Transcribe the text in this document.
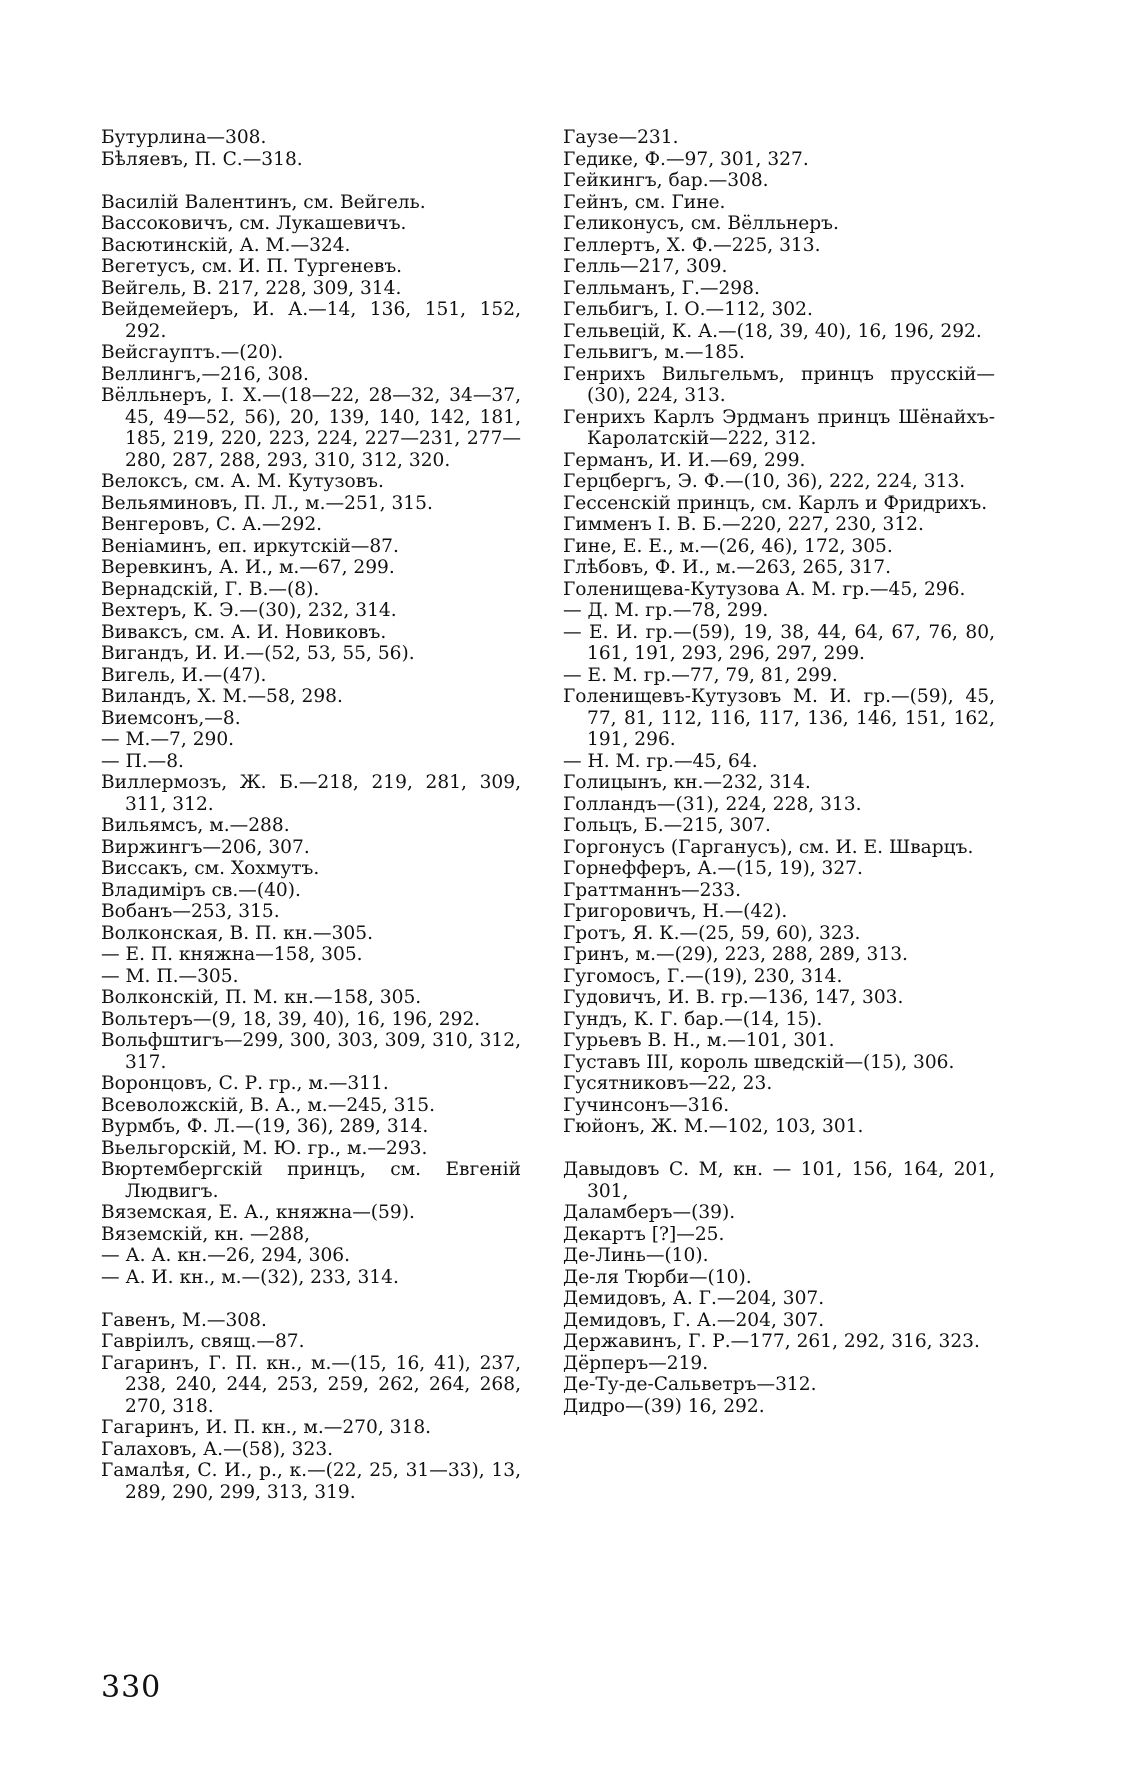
Бутурлина—308.
Бѣляевъ, П. С.—318.
Василій Валентинъ, см. Вейгель.
Вассоковичъ, см. Лукашевичъ.
Васютинскій, А. М.—324.
Вегетусъ, см. И. П. Тургеневъ.
Вейгель, В. 217, 228, 309, 314.
Вейдемейеръ, И. А.—14, 136, 151, 152, 292.
Вейсгауптъ.—(20).
Веллингъ,—216, 308.
Вёлльнеръ, I. X.—(18—22, 28—32, 34—37, 45, 49—52, 56), 20, 139, 140, 142, 181, 185, 219, 220, 223, 224, 227—231, 277—280, 287, 288, 293, 310, 312, 320.
Велоксъ, см. А. М. Кутузовъ.
Вельяминовъ, П. Л., м.—251, 315.
Венгеровъ, С. А.—292.
Веніаминъ, еп. иркутскій—87.
Веревкинъ, А. И., м.—67, 299.
Вернадскій, Г. В.—(8).
Вехтеръ, К. Э.—(30), 232, 314.
Виваксъ, см. А. И. Новиковъ.
Вигандъ, И. И.—(52, 53, 55, 56).
Вигель, И.—(47).
Виландъ, X. М.—58, 298.
Виемсонъ,—8.
— М.—7, 290.
— П.—8.
Виллермозъ, Ж. Б.—218, 219, 281, 309, 311, 312.
Вильямсъ, м.—288.
Виржингъ—206, 307.
Виссакъ, см. Хохмутъ.
Владиміръ св.—(40).
Вобанъ—253, 315.
Волконская, В. П. кн.—305.
— Е. П. княжна—158, 305.
— М. П.—305.
Волконскій, П. М. кн.—158, 305.
Вольтеръ—(9, 18, 39, 40), 16, 196, 292.
Вольфштигъ—299, 300, 303, 309, 310, 312, 317.
Воронцовъ, С. Р. гр., м.—311.
Всеволожскій, В. А., м.—245, 315.
Вурмбъ, Ф. Л.—(19, 36), 289, 314.
Вьельгорскій, М. Ю. гр., м.—293.
Вюртембергскій принцъ, см. Евгеній Людвигъ.
Вяземская, Е. А., княжна—(59).
Вяземскій, кн. —288,
— А. А. кн.—26, 294, 306.
— А. И. кн., м.—(32), 233, 314.
Гавенъ, М.—308.
Гавріилъ, свящ.—87.
Гагаринъ, Г. П. кн., м.—(15, 16, 41), 237, 238, 240, 244, 253, 259, 262, 264, 268, 270, 318.
Гагаринъ, И. П. кн., м.—270, 318.
Галаховъ, А.—(58), 323.
Гамалѣя, С. И., р., к.—(22, 25, 31—33), 13, 289, 290, 299, 313, 319.
Гаузе—231.
Гедике, Ф.—97, 301, 327.
Гейкингъ, бар.—308.
Гейнъ, см. Гине.
Геликонусъ, см. Вёлльнеръ.
Геллертъ, X. Ф.—225, 313.
Гелль—217, 309.
Гелльманъ, Г.—298.
Гельбигъ, I. О.—112, 302.
Гельвецій, К. А.—(18, 39, 40), 16, 196, 292.
Гельвигъ, м.—185.
Генрихъ Вильгельмъ, принцъ прусскій—(30), 224, 313.
Генрихъ Карлъ Эрдманъ принцъ Шёнайхъ-Каролатскій—222, 312.
Германъ, И. И.—69, 299.
Герцбергъ, Э. Ф.—(10, 36), 222, 224, 313.
Гессенскій принцъ, см. Карлъ и Фридрихъ.
Гимменъ I. В. Б.—220, 227, 230, 312.
Гине, Е. Е., м.—(26, 46), 172, 305.
Глѣбовъ, Ф. И., м.—263, 265, 317.
Голенищева-Кутузова А. М. гр.—45, 296.
— Д. М. гр.—78, 299.
— Е. И. гр.—(59), 19, 38, 44, 64, 67, 76, 80, 161, 191, 293, 296, 297, 299.
— Е. М. гр.—77, 79, 81, 299.
Голенищевъ-Кутузовъ М. И. гр.—(59), 45, 77, 81, 112, 116, 117, 136, 146, 151, 162, 191, 296.
— Н. М. гр.—45, 64.
Голицынъ, кн.—232, 314.
Голландъ—(31), 224, 228, 313.
Гольцъ, Б.—215, 307.
Горгонусъ (Гарганусъ), см. И. Е. Шварцъ.
Горнефферъ, А.—(15, 19), 327.
Граттманнъ—233.
Григоровичъ, Н.—(42).
Гротъ, Я. К.—(25, 59, 60), 323.
Гринъ, м.—(29), 223, 288, 289, 313.
Гугомосъ, Г.—(19), 230, 314.
Гудовичъ, И. В. гр.—136, 147, 303.
Гундъ, К. Г. бар.—(14, 15).
Гурьевъ В. Н., м.—101, 301.
Густавъ III, король шведскій—(15), 306.
Гусятниковъ—22, 23.
Гучинсонъ—316.
Гюйонъ, Ж. М.—102, 103, 301.
Давыдовъ С. М, кн. — 101, 156, 164, 201, 301,
Даламберъ—(39).
Декартъ [?]—25.
Де-Линь—(10).
Де-ля Тюрби—(10).
Демидовъ, А. Г.—204, 307.
Демидовъ, Г. А.—204, 307.
Державинъ, Г. Р.—177, 261, 292, 316, 323.
Дёрперъ—219.
Де-Ту-де-Сальветръ—312.
Дидро—(39) 16, 292.
330
